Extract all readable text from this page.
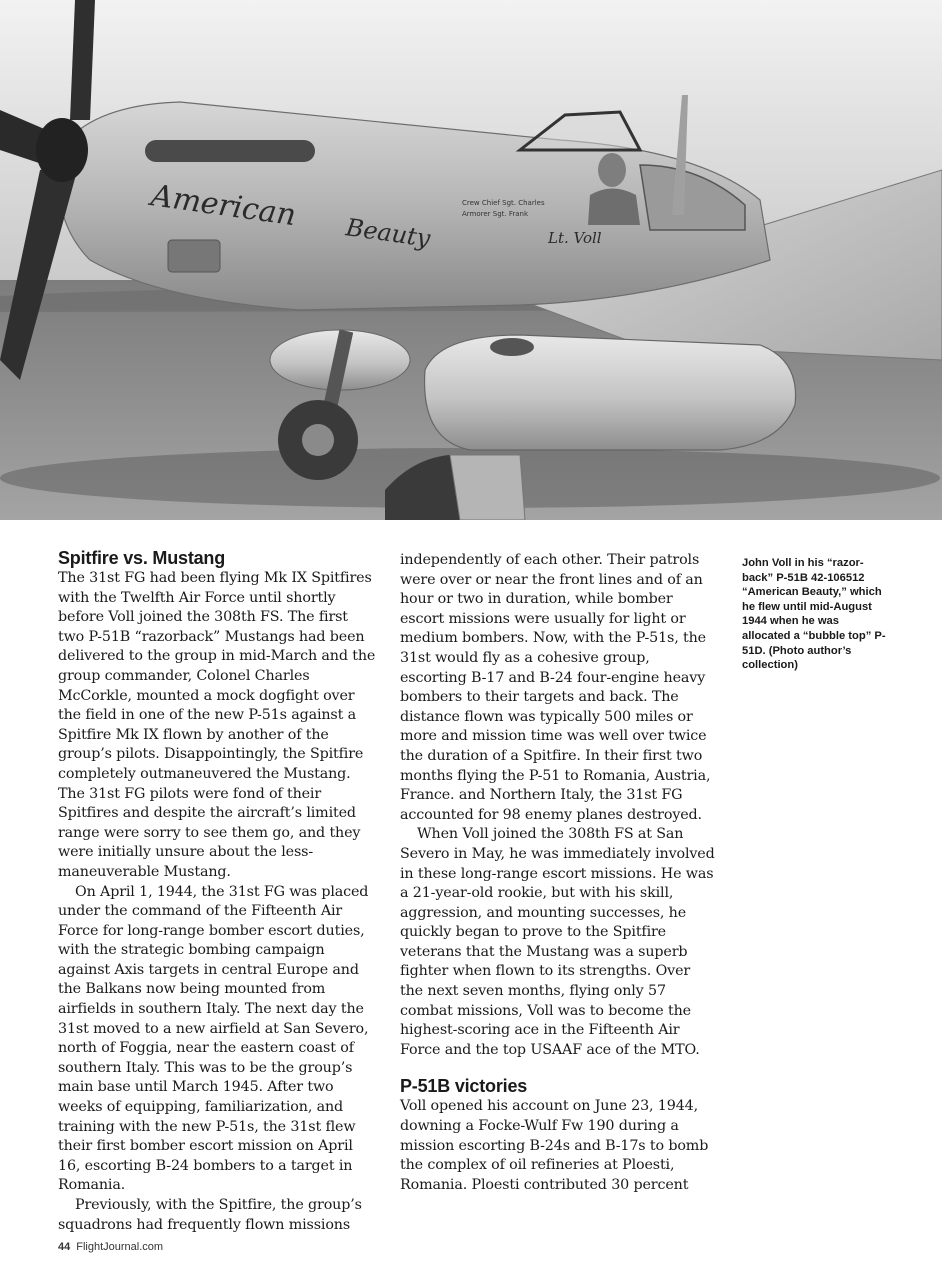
American Beauty	Lt. Voll
Crew Chief Sgt. Charles
Armorer Sgt. Frank
Spitfire vs. Mustang

The 31st FG had been flying Mk IX Spitfires with the Twelfth Air Force until shortly before Voll joined the 308th FS. The first two P-51B “razorback” Mustangs had been delivered to the group in mid-March and the group commander, Colonel Charles McCorkle, mounted a mock dogfight over the field in one of the new P-51s against a Spitfire Mk IX flown by another of the group’s pilots. Disappointingly, the Spitfire completely outmaneuvered the Mustang. The 31st FG pilots were fond of their Spitfires and despite the aircraft’s limited range were sorry to see them go, and they were initially unsure about the less-maneuverable Mustang.

On April 1, 1944, the 31st FG was placed under the command of the Fifteenth Air Force for long-range bomber escort duties, with the strategic bombing campaign against Axis targets in central Europe and the Balkans now being mounted from airfields in southern Italy. The next day the 31st moved to a new airfield at San Severo, north of Foggia, near the eastern coast of southern Italy. This was to be the group’s main base until March 1945. After two weeks of equipping, familiarization, and training with the new P-51s, the 31st flew their first bomber escort mission on April 16, escorting B-24 bombers to a target in Romania.

Previously, with the Spitfire, the group’s squadrons had frequently flown missions

independently of each other. Their patrols were over or near the front lines and of an hour or two in duration, while bomber escort missions were usually for light or medium bombers. Now, with the P-51s, the 31st would fly as a cohesive group, escorting B-17 and B-24 four-engine heavy bombers to their targets and back. The distance flown was typically 500 miles or more and mission time was well over twice the duration of a Spitfire. In their first two months flying the P-51 to Romania, Austria, France. and Northern Italy, the 31st FG accounted for 98 enemy planes destroyed.

When Voll joined the 308th FS at San Severo in May, he was immediately involved in these long-range escort missions. He was a 21-year-old rookie, but with his skill, aggression, and mounting successes, he quickly began to prove to the Spitfire veterans that the Mustang was a superb fighter when flown to its strengths. Over the next seven months, flying only 57 combat missions, Voll was to become the highest-scoring ace in the Fifteenth Air Force and the top USAAF ace of the MTO.

P-51B victories

Voll opened his account on June 23, 1944, downing a Focke-Wulf Fw 190 during a mission escorting B-24s and B-17s to bomb the complex of oil refineries at Ploesti, Romania. Ploesti contributed 30 percent

John Voll in his “razor-back” P-51B 42-106512 “American Beauty,” which he flew until mid-August 1944 when he was allocated a “bubble top” P-51D. (Photo author’s collection)
44 FlightJournal.com
